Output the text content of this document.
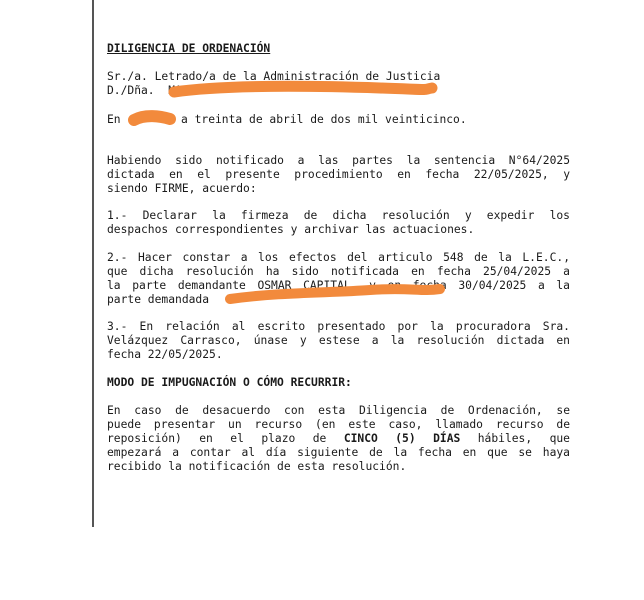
DILIGENCIA DE ORDENACIÓN
Sr./a. Letrado/a de la Administración de Justicia
D./Dña.  MARIA
En	a treinta de abril de dos mil veinticinco.
Habiendo sido notificado a las partes la sentencia N°64/2025
dictada en el presente procedimiento en fecha 22/05/2025, y
siendo FIRME, acuerdo:
1.- Declarar la firmeza de dicha resolución y expedir los
despachos correspondientes y archivar las actuaciones.
2.- Hacer constar a los efectos del articulo 548 de la L.E.C.,
que dicha resolución ha sido notificada en fecha 25/04/2025 a
la parte demandante OSMAR CAPITAL, y en fecha 30/04/2025 a la
parte demandada
3.- En relación al escrito presentado por la procuradora Sra.
Velázquez Carrasco, únase y estese a la resolución dictada en
fecha 22/05/2025.
MODO DE IMPUGNACIÓN O CÓMO RECURRIR:
En caso de desacuerdo con esta Diligencia de Ordenación, se
puede presentar un recurso (en este caso, llamado recurso de
reposición) en el plazo de CINCO (5) DÍAS hábiles, que
empezará a contar al día siguiente de la fecha en que se haya
recibido la notificación de esta resolución.
